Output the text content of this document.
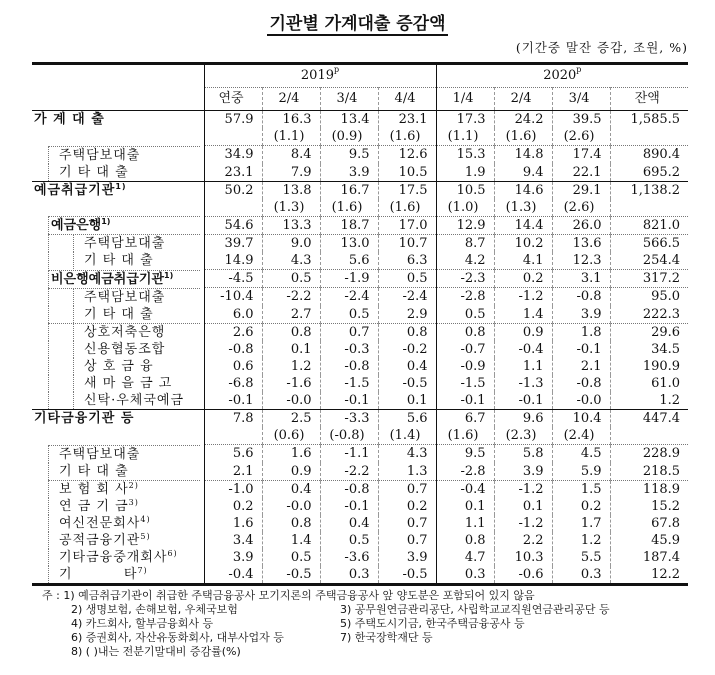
기관별 가계대출 증감액
(기간중 말잔 증감, 조원, %)
	2019$^p$				2020$^p$
	연중	2/4	3/4	4/4	1/4	2/4	3/4	잔액
가 계 대 출	57.9	16.3	13.4	23.1	17.3	24.2	39.5	1,585.5
		(1.1)	(0.9)	(1.6)	(1.1)	(1.6)	(2.6)	

주택담보대출	34.9	8.4	9.5	12.6	15.3	14.8	17.4	890.4

기 타 대 출	23.1	7.9	3.9	10.5	1.9	9.4	22.1	695.2
예금취급기관$^{1)}$	50.2	13.8	16.7	17.5	10.5	14.6	29.1	1,138.2
		(1.3)	(1.6)	(1.6)	(1.0)	(1.3)	(2.6)	

예금은행$^{1)}$	54.6	13.3	18.7	17.0	12.9	14.4	26.0	821.0

주택담보대출	39.7	9.0	13.0	10.7	8.7	10.2	13.6	566.5

기 타 대 출	14.9	4.3	5.6	6.3	4.2	4.1	12.3	254.4

비은행예금취급기관$^{1)}$	-4.5	0.5	-1.9	0.5	-2.3	0.2	3.1	317.2

주택담보대출	-10.4	-2.2	-2.4	-2.4	-2.8	-1.2	-0.8	95.0

기 타 대 출	6.0	2.7	0.5	2.9	0.5	1.4	3.9	222.3

상호저축은행	2.6	0.8	0.7	0.8	0.8	0.9	1.8	29.6

신용협동조합	-0.8	0.1	-0.3	-0.2	-0.7	-0.4	-0.1	34.5

상 호 금 융	0.6	1.2	-0.8	0.4	-0.9	1.1	2.1	190.9

새 마 을 금 고	-6.8	-1.6	-1.5	-0.5	-1.5	-1.3	-0.8	61.0

신탁·우체국예금	-0.1	-0.0	-0.1	0.1	-0.1	-0.1	-0.0	1.2
기타금융기관 등	7.8	2.5	-3.3	5.6	6.7	9.6	10.4	447.4
		(0.6)	(-0.8)	(1.4)	(1.6)	(2.3)	(2.4)	

주택담보대출	5.6	1.6	-1.1	4.3	9.5	5.8	4.5	228.9

기 타 대 출	2.1	0.9	-2.2	1.3	-2.8	3.9	5.9	218.5

보 험 회 사$^{2)}$	-1.0	0.4	-0.8	0.7	-0.4	-1.2	1.5	118.9

연 금 기 금$^{3)}$	0.2	-0.0	-0.1	0.2	0.1	0.1	0.2	15.2

여신전문회사$^{4)}$	1.6	0.8	0.4	0.7	1.1	-1.2	1.7	67.8

공적금융기관$^{5)}$	3.4	1.4	0.5	0.7	0.8	2.2	1.2	45.9

기타금융중개회사$^{6)}$	3.9	0.5	-3.6	3.9	4.7	10.3	5.5	187.4

기          타$^{7)}$	-0.4	-0.5	0.3	-0.5	0.3	-0.6	0.3	12.2
주 : 1) 예금취급기관이 취급한 주택금융공사 모기지론의 주택금융공사 앞 양도분은 포함되어 있지 않음
2) 생명보험, 손해보험, 우체국보험	3) 공무원연금관리공단, 사립학교교직원연금관리공단 등
4) 카드회사, 할부금융회사 등	5) 주택도시기금, 한국주택금융공사 등
6) 증권회사, 자산유동화회사, 대부사업자 등	7) 한국장학재단 등
8) ( )내는 전분기말대비 증감률(%)
